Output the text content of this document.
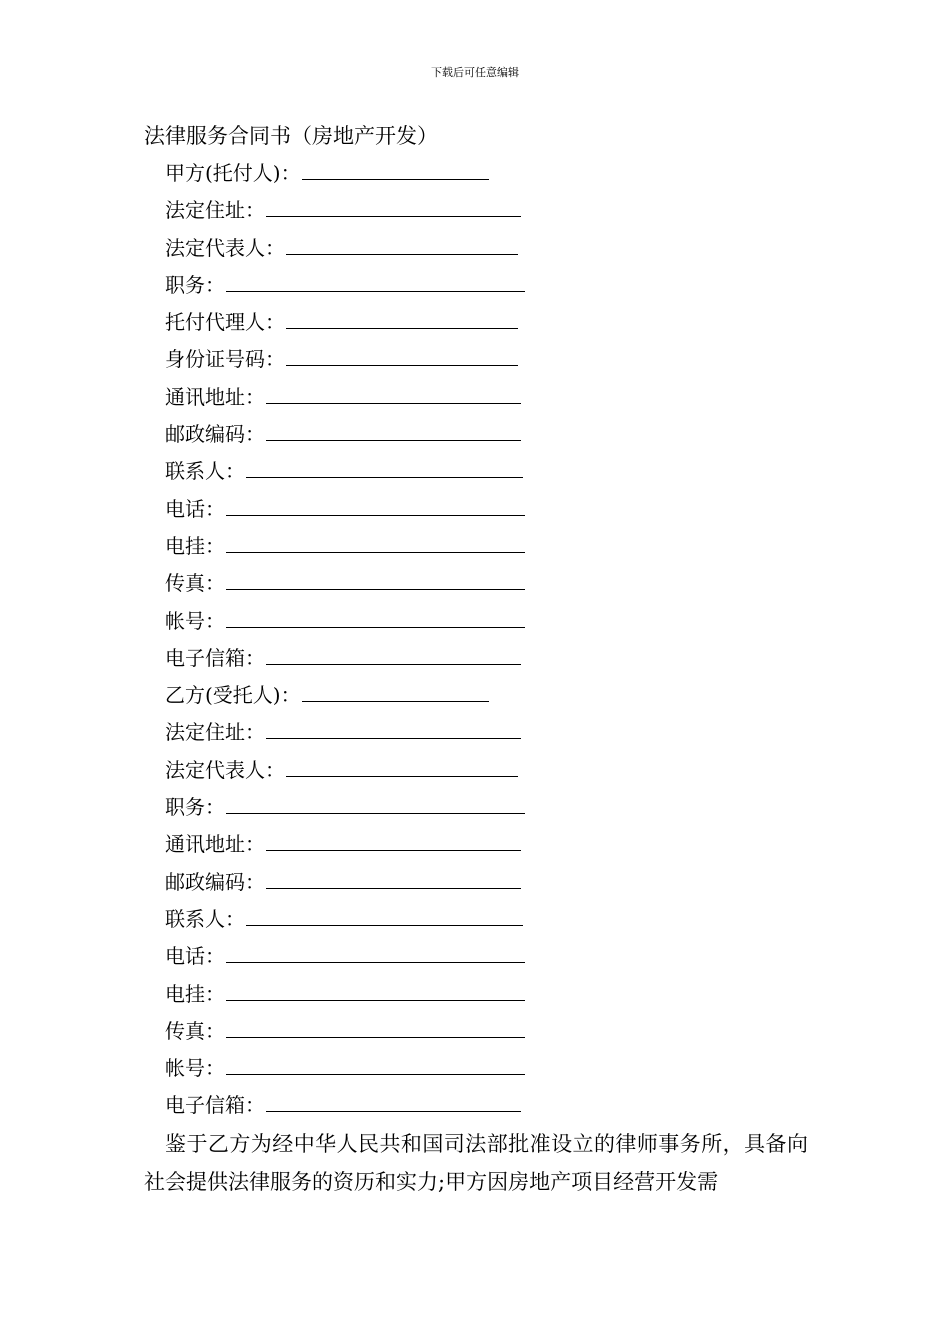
下载后可任意编辑
法律服务合同书（房地产开发）
甲方(托付人)：
法定住址：
法定代表人：
职务：
托付代理人：
身份证号码：
通讯地址：
邮政编码：
联系人：
电话：
电挂：
传真：
帐号：
电子信箱：
乙方(受托人)：
法定住址：
法定代表人：
职务：
通讯地址：
邮政编码：
联系人：
电话：
电挂：
传真：
帐号：
电子信箱：
鉴于乙方为经中华人民共和国司法部批准设立的律师事务所，具备向社会提供法律服务的资历和实力;甲方因房地产项目经营开发需
